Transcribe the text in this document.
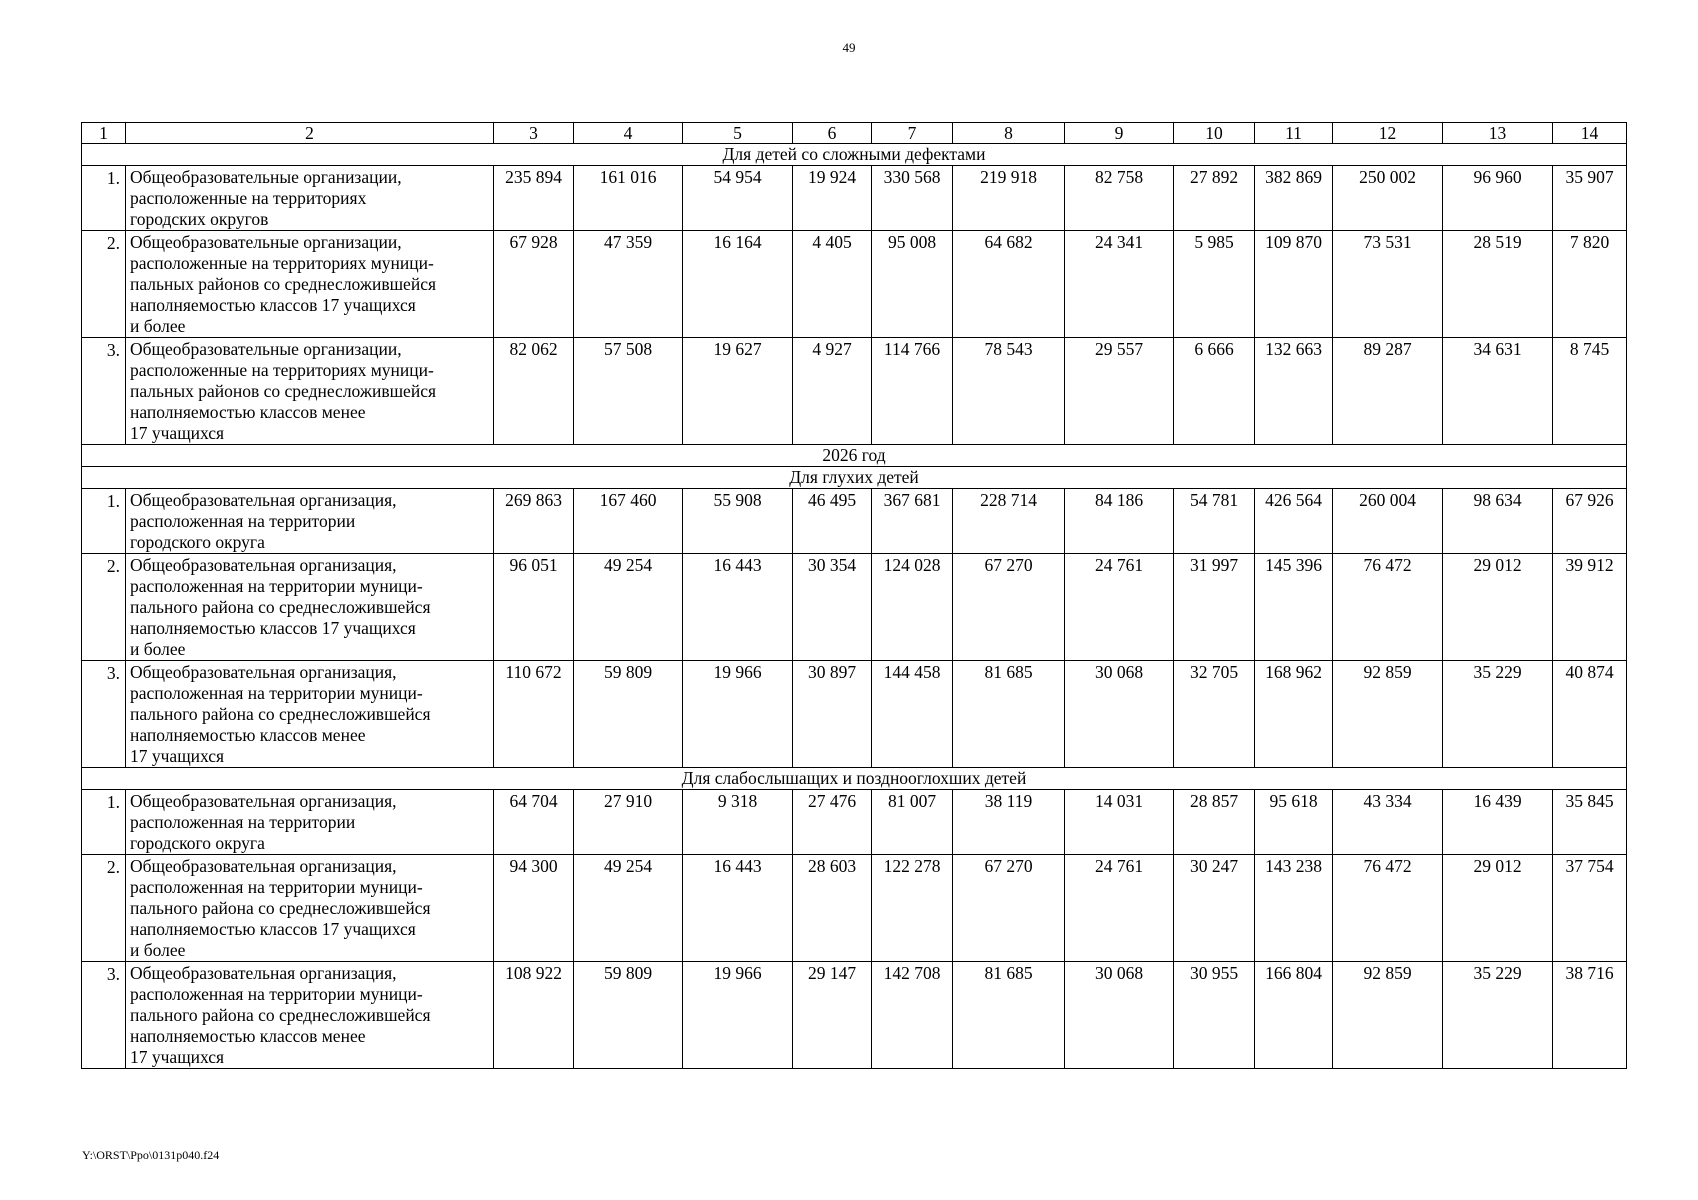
49
1	2	3	4	5	6	7	8	9	10	11	12	13	14
Для детей со сложными дефектами													
1.	Общеобразовательные организации,
расположенные на территориях
городских округов	235 894	161 016	54 954	19 924	330 568	219 918	82 758	27 892	382 869	250 002	96 960	35 907
2.	Общеобразовательные организации,
расположенные на территориях муници-
пальных районов со среднесложившейся
наполняемостью классов 17 учащихся
и более	67 928	47 359	16 164	4 405	95 008	64 682	24 341	5 985	109 870	73 531	28 519	7 820
3.	Общеобразовательные организации,
расположенные на территориях муници-
пальных районов со среднесложившейся
наполняемостью классов менее
17 учащихся	82 062	57 508	19 627	4 927	114 766	78 543	29 557	6 666	132 663	89 287	34 631	8 745
2026 год													
Для глухих детей													
1.	Общеобразовательная организация,
расположенная на территории
городского округа	269 863	167 460	55 908	46 495	367 681	228 714	84 186	54 781	426 564	260 004	98 634	67 926
2.	Общеобразовательная организация,
расположенная на территории муници-
пального района со среднесложившейся
наполняемостью классов 17 учащихся
и более	96 051	49 254	16 443	30 354	124 028	67 270	24 761	31 997	145 396	76 472	29 012	39 912
3.	Общеобразовательная организация,
расположенная на территории муници-
пального района со среднесложившейся
наполняемостью классов менее
17 учащихся	110 672	59 809	19 966	30 897	144 458	81 685	30 068	32 705	168 962	92 859	35 229	40 874
Для слабослышащих и позднооглохших детей													
1.	Общеобразовательная организация,
расположенная на территории
городского округа	64 704	27 910	9 318	27 476	81 007	38 119	14 031	28 857	95 618	43 334	16 439	35 845
2.	Общеобразовательная организация,
расположенная на территории муници-
пального района со среднесложившейся
наполняемостью классов 17 учащихся
и более	94 300	49 254	16 443	28 603	122 278	67 270	24 761	30 247	143 238	76 472	29 012	37 754
3.	Общеобразовательная организация,
расположенная на территории муници-
пального района со среднесложившейся
наполняемостью классов менее
17 учащихся	108 922	59 809	19 966	29 147	142 708	81 685	30 068	30 955	166 804	92 859	35 229	38 716
Y:\ORST\Ppo\0131p040.f24
